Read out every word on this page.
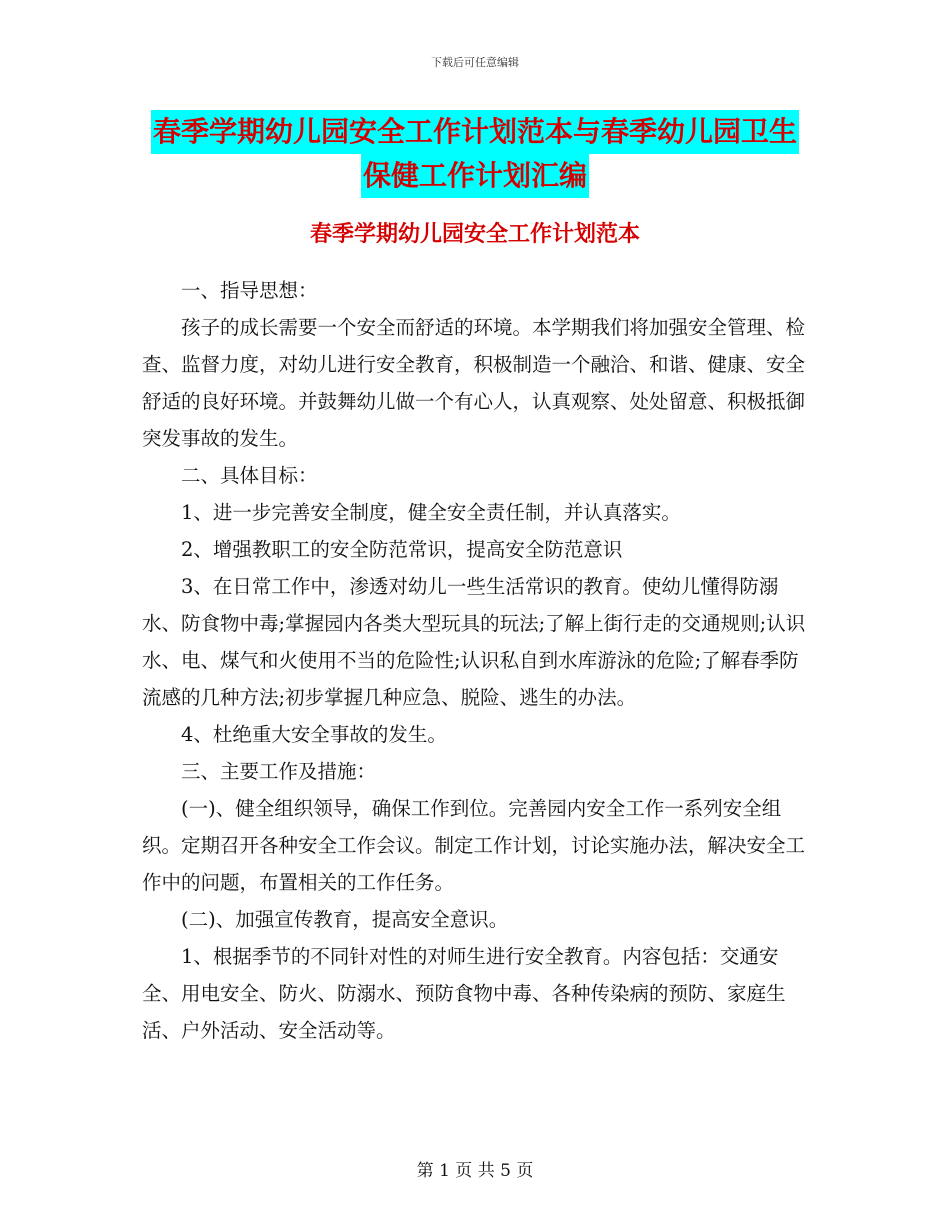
下载后可任意编辑
春季学期幼儿园安全工作计划范本与春季幼儿园卫生
保健工作计划汇编
春季学期幼儿园安全工作计划范本

一、指导思想：

孩子的成长需要一个安全而舒适的环境。本学期我们将加强安全管理、检查、监督力度，对幼儿进行安全教育，积极制造一个融洽、和谐、健康、安全舒适的良好环境。并鼓舞幼儿做一个有心人，认真观察、处处留意、积极抵御突发事故的发生。

二、具体目标：

1、进一步完善安全制度，健全安全责任制，并认真落实。

2、增强教职工的安全防范常识，提高安全防范意识

3、在日常工作中，渗透对幼儿一些生活常识的教育。使幼儿懂得防溺水、防食物中毒;掌握园内各类大型玩具的玩法;了解上街行走的交通规则;认识水、电、煤气和火使用不当的危险性;认识私自到水库游泳的危险;了解春季防流感的几种方法;初步掌握几种应急、脱险、逃生的办法。

4、杜绝重大安全事故的发生。

三、主要工作及措施：

(一)、健全组织领导，确保工作到位。完善园内安全工作一系列安全组织。定期召开各种安全工作会议。制定工作计划，讨论实施办法，解决安全工作中的问题，布置相关的工作任务。

(二)、加强宣传教育，提高安全意识。

1、根据季节的不同针对性的对师生进行安全教育。内容包括：交通安全、用电安全、防火、防溺水、预防食物中毒、各种传染病的预防、家庭生活、户外活动、安全活动等。

第 1 页 共 5 页
